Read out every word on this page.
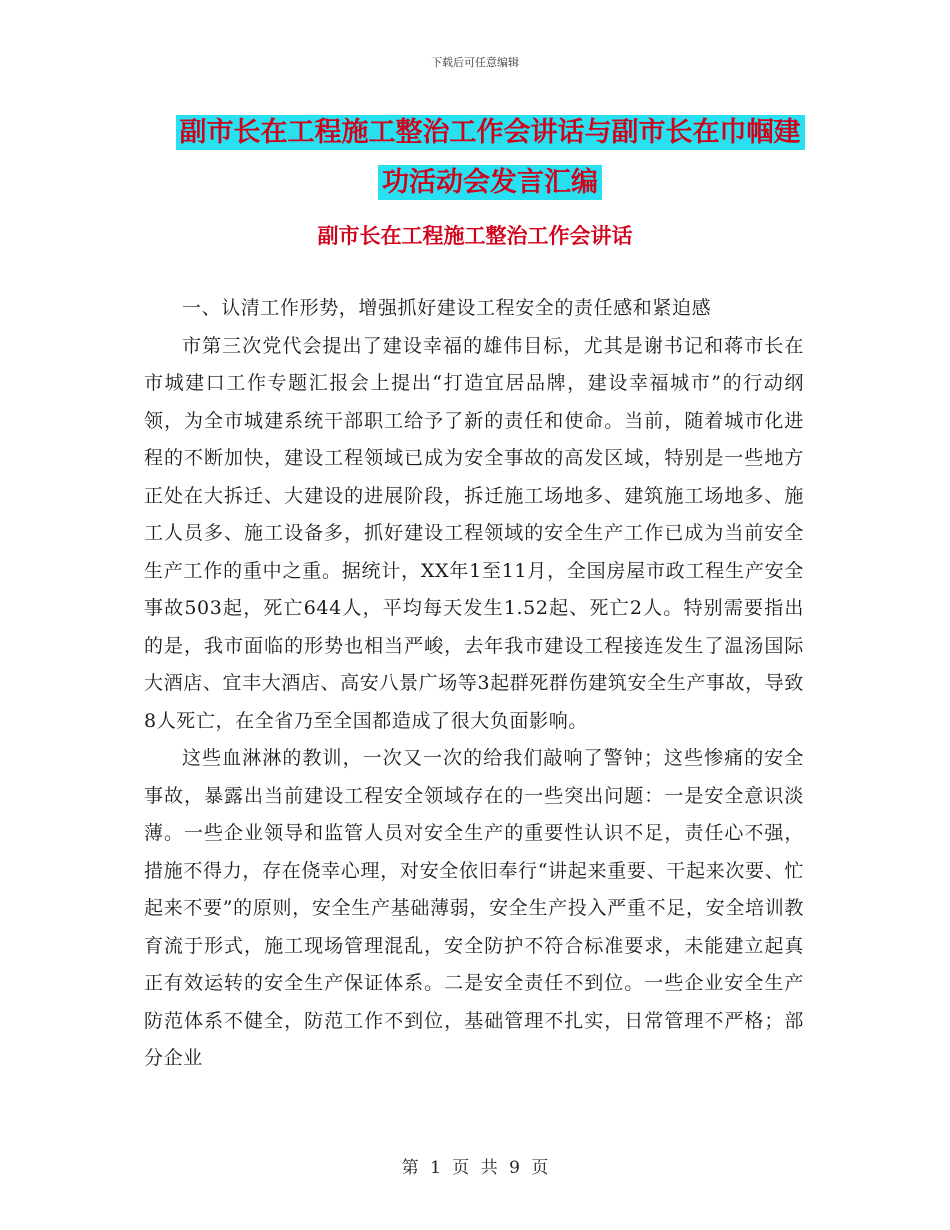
下载后可任意编辑
副市长在工程施工整治工作会讲话与副市长在巾帼建
功活动会发言汇编
副市长在工程施工整治工作会讲话

一、认清工作形势，增强抓好建设工程安全的责任感和紧迫感

市第三次党代会提出了建设幸福的雄伟目标，尤其是谢书记和蒋市长在市城建口工作专题汇报会上提出“打造宜居品牌，建设幸福城市”的行动纲领，为全市城建系统干部职工给予了新的责任和使命。当前，随着城市化进程的不断加快，建设工程领域已成为安全事故的高发区域，特别是一些地方正处在大拆迁、大建设的进展阶段，拆迁施工场地多、建筑施工场地多、施工人员多、施工设备多，抓好建设工程领域的安全生产工作已成为当前安全生产工作的重中之重。据统计，XX年1至11月，全国房屋市政工程生产安全事故503起，死亡644人，平均每天发生1.52起、死亡2人。特别需要指出的是，我市面临的形势也相当严峻，去年我市建设工程接连发生了温汤国际大酒店、宜丰大酒店、高安八景广场等3起群死群伤建筑安全生产事故，导致8人死亡，在全省乃至全国都造成了很大负面影响。

这些血淋淋的教训，一次又一次的给我们敲响了警钟；这些惨痛的安全事故，暴露出当前建设工程安全领域存在的一些突出问题：一是安全意识淡薄。一些企业领导和监管人员对安全生产的重要性认识不足，责任心不强，措施不得力，存在侥幸心理，对安全依旧奉行“讲起来重要、干起来次要、忙起来不要”的原则，安全生产基础薄弱，安全生产投入严重不足，安全培训教育流于形式，施工现场管理混乱，安全防护不符合标准要求，未能建立起真正有效运转的安全生产保证体系。二是安全责任不到位。一些企业安全生产防范体系不健全，防范工作不到位，基础管理不扎实，日常管理不严格；部分企业

第 1 页 共 9 页
